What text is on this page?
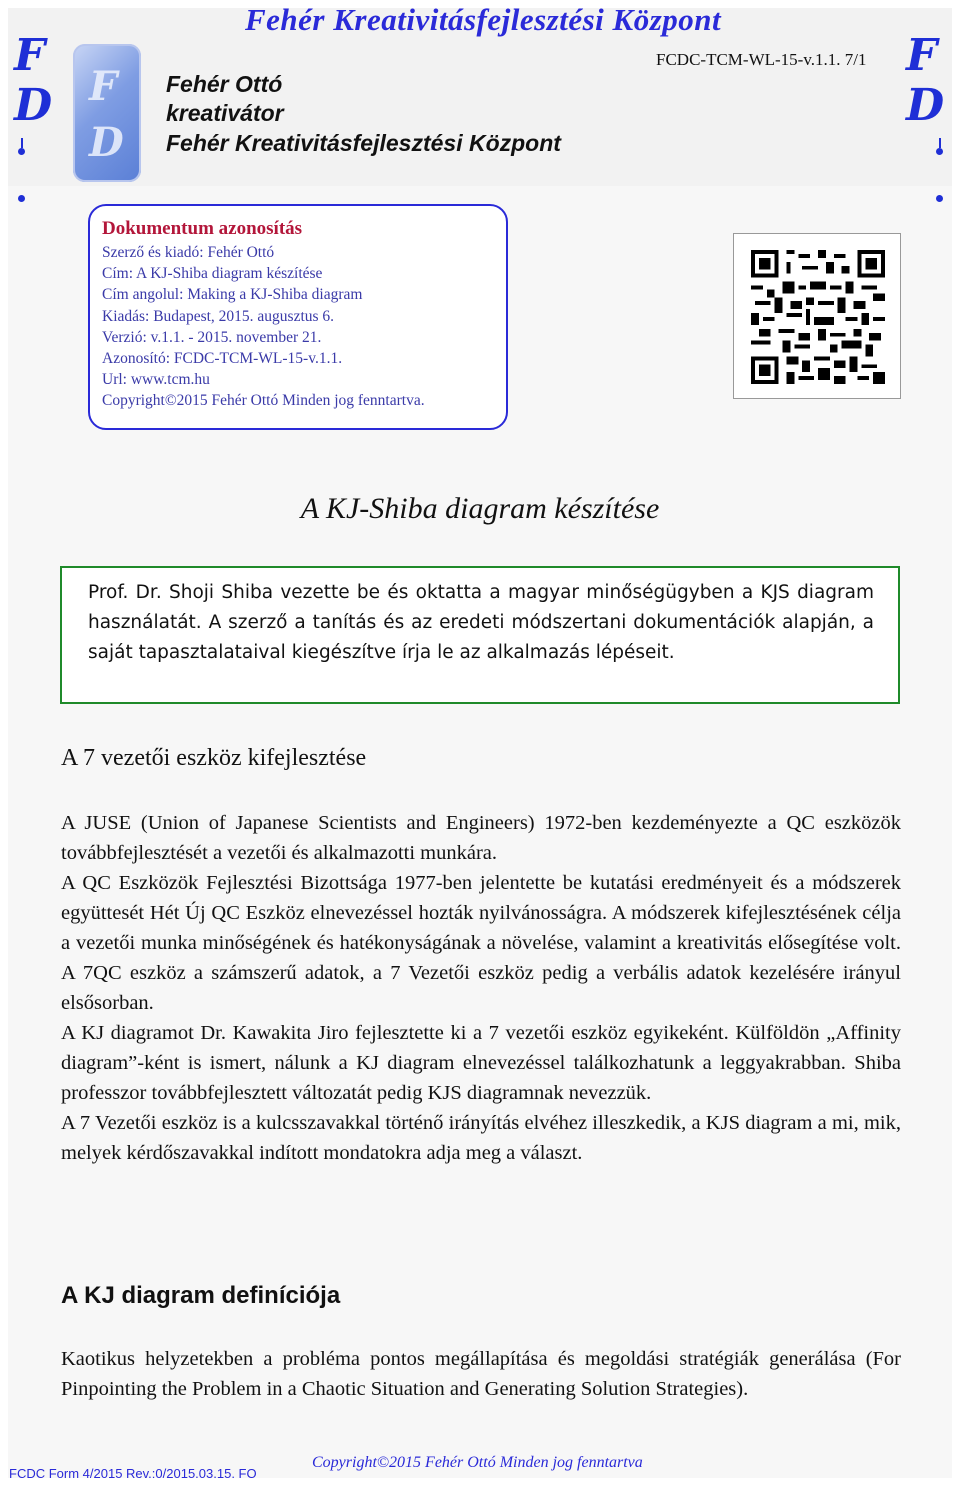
F
D
F
D
Fehér Kreativitásfejlesztési Központ
FCDC-TCM-WL-15-v.1.1. 7/1
F
D
Fehér Ottó
kreativátor
Fehér Kreativitásfejlesztési Központ
Dokumentum azonosítás
Szerző és kiadó: Fehér Ottó
Cím: A KJ-Shiba diagram készítése
Cím angolul: Making a KJ-Shiba diagram
Kiadás: Budapest, 2015. augusztus 6.
Verzió: v.1.1. - 2015. november 21.
Azonosító: FCDC-TCM-WL-15-v.1.1.
Url: www.tcm.hu
Copyright©2015 Fehér Ottó Minden jog fenntartva.
A KJ-Shiba diagram készítése
Prof. Dr. Shoji Shiba vezette be és oktatta a magyar minőségügyben a KJS diagram használatát. A szerző a tanítás és az eredeti módszertani dokumentációk alapján, a saját tapasztalataival kiegészítve írja le az alkalmazás lépéseit.
A 7 vezetői eszköz kifejlesztése

A JUSE (Union of Japanese Scientists and Engineers) 1972-ben kezdeményezte a QC eszközök továbbfejlesztését a vezetői és alkalmazotti munkára.

A QC Eszközök Fejlesztési Bizottsága 1977-ben jelentette be kutatási eredményeit és a módszerek együttesét Hét Új QC Eszköz elnevezéssel hozták nyilvánosságra. A módszerek kifejlesztésének célja a vezetői munka minőségének és hatékonyságának a növelése, valamint a kreativitás elősegítése volt. A 7QC eszköz a számszerű adatok, a 7 Vezetői eszköz pedig a verbális adatok kezelésére irányul elsősorban.

A KJ diagramot Dr. Kawakita Jiro fejlesztette ki a 7 vezetői eszköz egyikeként. Külföldön „Affinity diagram”-ként is ismert, nálunk a KJ diagram elnevezéssel találkozhatunk a leggyakrabban. Shiba professzor továbbfejlesztett változatát pedig KJS diagramnak nevezzük.

A 7 Vezetői eszköz is a kulcsszavakkal történő irányítás elvéhez illeszkedik, a KJS diagram a mi, mik, melyek kérdőszavakkal indított mondatokra adja meg a választ.

A KJ diagram definíciója

Kaotikus helyzetekben a probléma pontos megállapítása és megoldási stratégiák generálása (For Pinpointing the Problem in a Chaotic Situation and Generating Solution Strategies).

FCDC Form 4/2015 Rev.:0/2015.03.15. FO
Copyright©2015 Fehér Ottó Minden jog fenntartva
